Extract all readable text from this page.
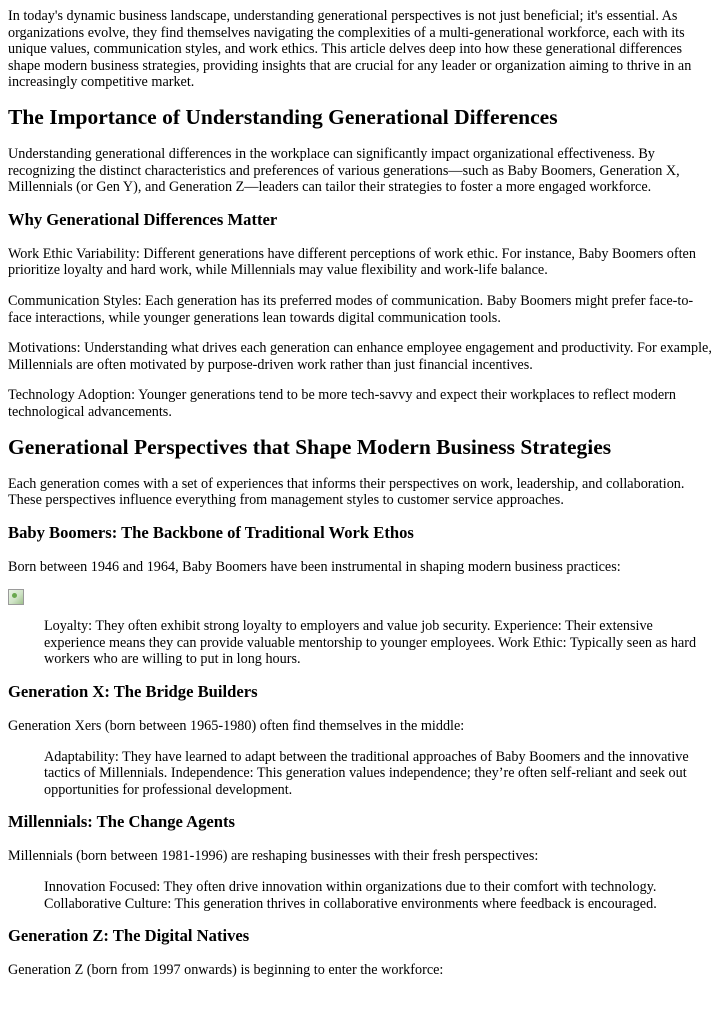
In today's dynamic business landscape, understanding generational perspectives is not just beneficial; it's essential. As organizations evolve, they find themselves navigating the complexities of a multi-generational workforce, each with its unique values, communication styles, and work ethics. This article delves deep into how these generational differences shape modern business strategies, providing insights that are crucial for any leader or organization aiming to thrive in an increasingly competitive market.

The Importance of Understanding Generational Differences

Understanding generational differences in the workplace can significantly impact organizational effectiveness. By recognizing the distinct characteristics and preferences of various generations—such as Baby Boomers, Generation X, Millennials (or Gen Y), and Generation Z—leaders can tailor their strategies to foster a more engaged workforce.

Why Generational Differences Matter

Work Ethic Variability: Different generations have different perceptions of work ethic. For instance, Baby Boomers often prioritize loyalty and hard work, while Millennials may value flexibility and work-life balance.

Communication Styles: Each generation has its preferred modes of communication. Baby Boomers might prefer face-to-face interactions, while younger generations lean towards digital communication tools.

Motivations: Understanding what drives each generation can enhance employee engagement and productivity. For example, Millennials are often motivated by purpose-driven work rather than just financial incentives.

Technology Adoption: Younger generations tend to be more tech-savvy and expect their workplaces to reflect modern technological advancements.

Generational Perspectives that Shape Modern Business Strategies

Each generation comes with a set of experiences that informs their perspectives on work, leadership, and collaboration. These perspectives influence everything from management styles to customer service approaches.

Baby Boomers: The Backbone of Traditional Work Ethos

Born between 1946 and 1964, Baby Boomers have been instrumental in shaping modern business practices:

Loyalty: They often exhibit strong loyalty to employers and value job security. Experience: Their extensive experience means they can provide valuable mentorship to younger employees. Work Ethic: Typically seen as hard workers who are willing to put in long hours.
Generation X: The Bridge Builders

Generation Xers (born between 1965-1980) often find themselves in the middle:

Adaptability: They have learned to adapt between the traditional approaches of Baby Boomers and the innovative tactics of Millennials. Independence: This generation values independence; they’re often self-reliant and seek out opportunities for professional development.
Millennials: The Change Agents

Millennials (born between 1981-1996) are reshaping businesses with their fresh perspectives:

Innovation Focused: They often drive innovation within organizations due to their comfort with technology. Collaborative Culture: This generation thrives in collaborative environments where feedback is encouraged.
Generation Z: The Digital Natives

Generation Z (born from 1997 onwards) is beginning to enter the workforce:
